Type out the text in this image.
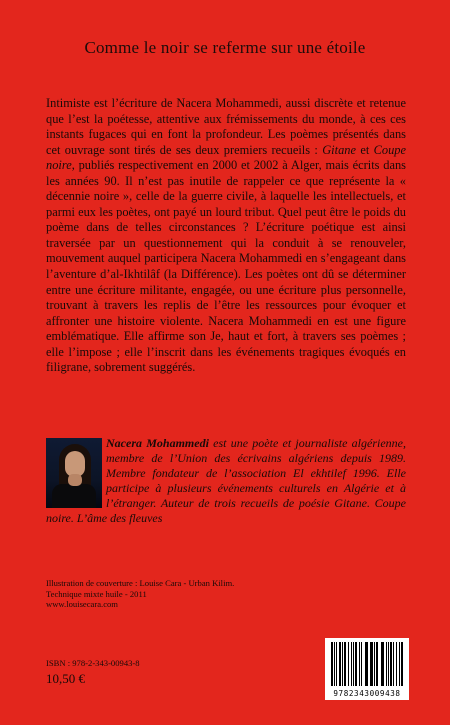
Comme le noir se referme sur une étoile

Intimiste est l’écriture de Nacera Mohammedi, aussi discrète et retenue que l’est la poétesse, attentive aux frémissements du monde, à ces ces instants fugaces qui en font la profondeur. Les poèmes présentés dans cet ouvrage sont tirés de ses deux premiers recueils : Gitane et Coupe noire, publiés respectivement en 2000 et 2002 à Alger, mais écrits dans les années 90. Il n’est pas inutile de rappeler ce que représente la « décennie noire », celle de la guerre civile, à laquelle les intellectuels, et parmi eux les poètes, ont payé un lourd tribut. Quel peut être le poids du poème dans de telles circonstances ? L’écriture poétique est ainsi traversée par un questionnement qui la conduit à se renouveler, mouvement auquel participera Nacera Mohammedi en s’engageant dans l’aventure d’al-Ikhtilâf (la Différence). Les poètes ont dû se déterminer entre une écriture militante, engagée, ou une écriture plus personnelle, trouvant à travers les replis de l’être les ressources pour évoquer et affronter une histoire violente. Nacera Mohammedi en est une figure emblématique. Elle affirme son Je, haut et fort, à travers ses poèmes ; elle l’impose ; elle l’inscrit dans les événements tragiques évoqués en filigrane, sobrement suggérés.

Nacera Mohammedi est une poète et journaliste algérienne, membre de l’Union des écrivains algériens depuis 1989. Membre fondateur de l’association El ekhtilef 1996. Elle participe à plusieurs événements culturels en Algérie et à l’étranger. Auteur de trois recueils de poésie Gitane. Coupe noire. L’âme des fleuves
Illustration de couverture : Louise Cara - Urban Kilim.
Technique mixte huile - 2011
www.louisecara.com
ISBN : 978-2-343-00943-8
10,50 €
9782343009438
